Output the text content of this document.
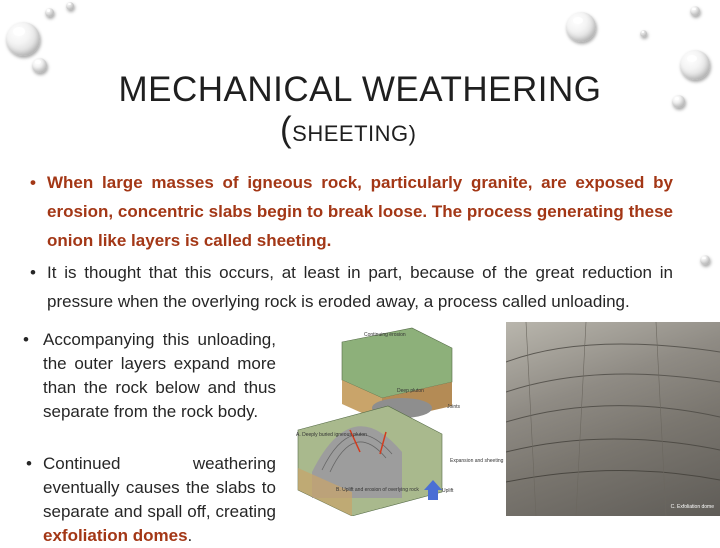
MECHANICAL WEATHERING
(SHEETING)
• When large masses of igneous rock, particularly granite, are exposed by erosion, concentric slabs begin to break loose. The process generating these onion like layers is called sheeting.
• It is thought that this occurs, at least in part, because of the great reduction in pressure when the overlying rock is eroded away, a process called unloading.
• Accompanying this unloading, the outer layers expand more than the rock below and thus separate from the rock body.
• Continued weathering eventually causes the slabs to separate and spall off, creating exfoliation domes.
Continuing erosion
Deep pluton
Joints
Expansion and sheeting
Uplift
A. Deeply buried igneous pluton
B. Uplift and erosion of overlying rock
C. Exfoliation dome
